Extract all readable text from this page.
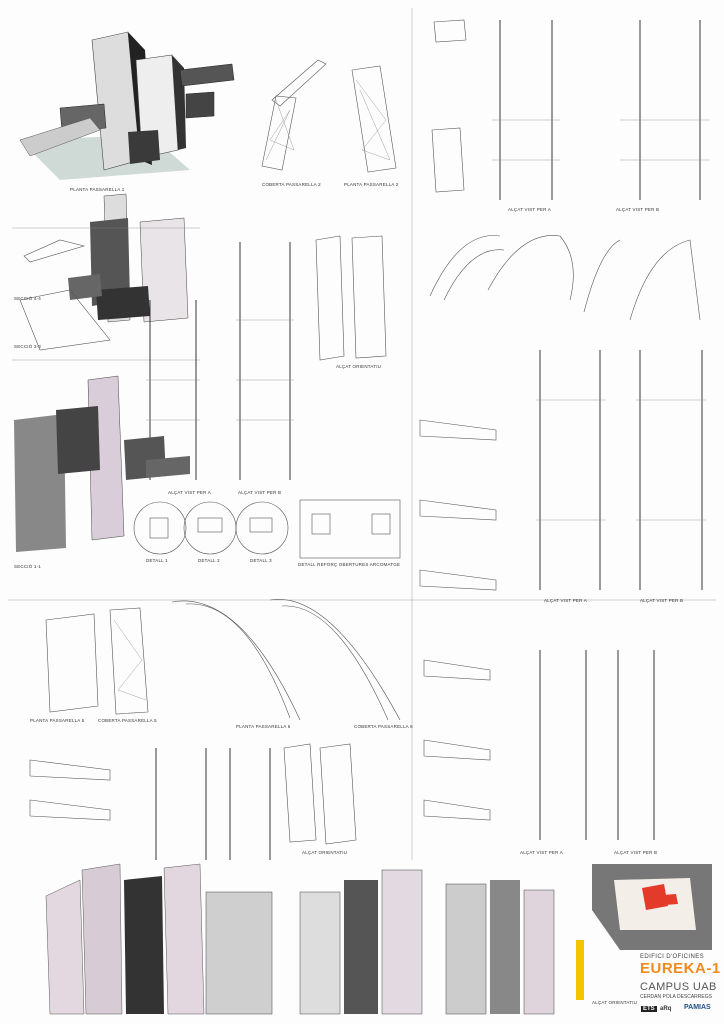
PLANTA PASSARELLA 1
COBERTA PASSARELLA 2	PLANTA PASSARELLA 2
ALÇAT VIST PER A	ALÇAT VIST PER B
SECCIÓ 4-4
SECCIÓ 3-3
SECCIÓ 1-1
ALÇAT ORIENTATIU
ALÇAT VIST PER A	ALÇAT VIST PER B
DETALL 1	DETALL 2	DETALL 3
DETALL REFORÇ OBERTURES ARCOMATGE
ALÇAT VIST PER A	ALÇAT VIST PER B
PLANTA PASSARELLA 5	COBERTA PASSARELLA 5
PLANTA PASSARELLA 6	COBERTA PASSARELLA 6
ALÇAT ORIENTATIU	ALÇAT VIST PER A	ALÇAT VIST PER B
ALÇAT ORIENTATIU
EDIFICI D'OFICINES
EUREKA-1
CAMPUS UAB
CERDAN POLA DESCARREGS
ETS aRq PAMIAS
